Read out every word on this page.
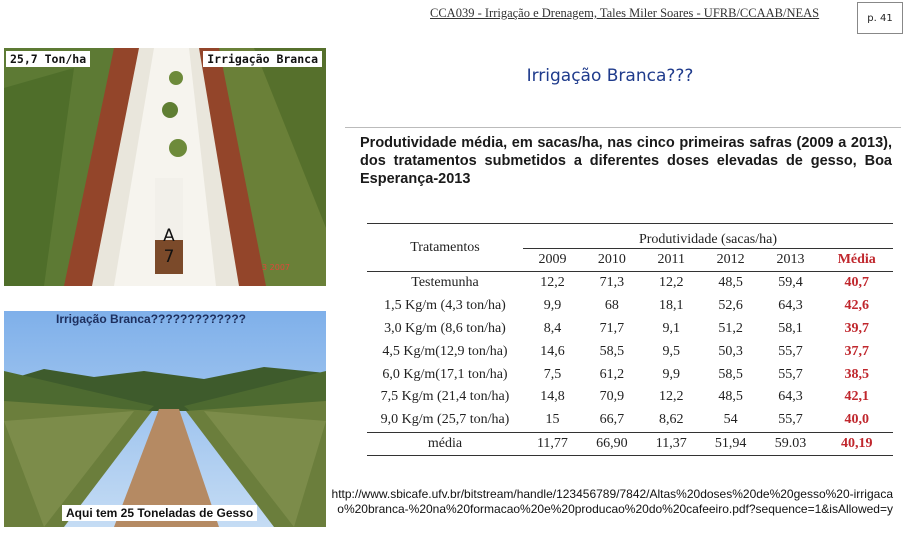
CCA039 - Irrigação e Drenagem, Tales Miler Soares - UFRB/CCAAB/NEAS	p. 41
Irrigação Branca???
25,7 Ton/ha	Irrigação Branca
A
7
3 2007
Irrigação Branca?????????????
Aqui tem 25 Toneladas de Gesso
Produtividade média, em sacas/ha, nas cinco primeiras safras (2009 a 2013), dos tratamentos submetidos a diferentes doses elevadas de gesso, Boa Esperança-2013
Tratamentos	Produtividade (sacas/ha)					
	2009	2010	2011	2012	2013	Média
Testemunha	12,2	71,3	12,2	48,5	59,4	40,7
1,5 Kg/m (4,3 ton/ha)	9,9	68	18,1	52,6	64,3	42,6
3,0 Kg/m (8,6 ton/ha)	8,4	71,7	9,1	51,2	58,1	39,7
4,5 Kg/m(12,9 ton/ha)	14,6	58,5	9,5	50,3	55,7	37,7
6,0 Kg/m(17,1 ton/ha)	7,5	61,2	9,9	58,5	55,7	38,5
7,5 Kg/m (21,4 ton/ha)	14,8	70,9	12,2	48,5	64,3	42,1
9,0 Kg/m (25,7 ton/ha)	15	66,7	8,62	54	55,7	40,0
média	11,77	66,90	11,37	51,94	59.03	40,19
http://www.sbicafe.ufv.br/bitstream/handle/123456789/7842/Altas%20doses%20de%20gesso%20-irrigacao%20branca-%20na%20formacao%20e%20producao%20do%20cafeeiro.pdf?sequence=1&isAllowed=y
